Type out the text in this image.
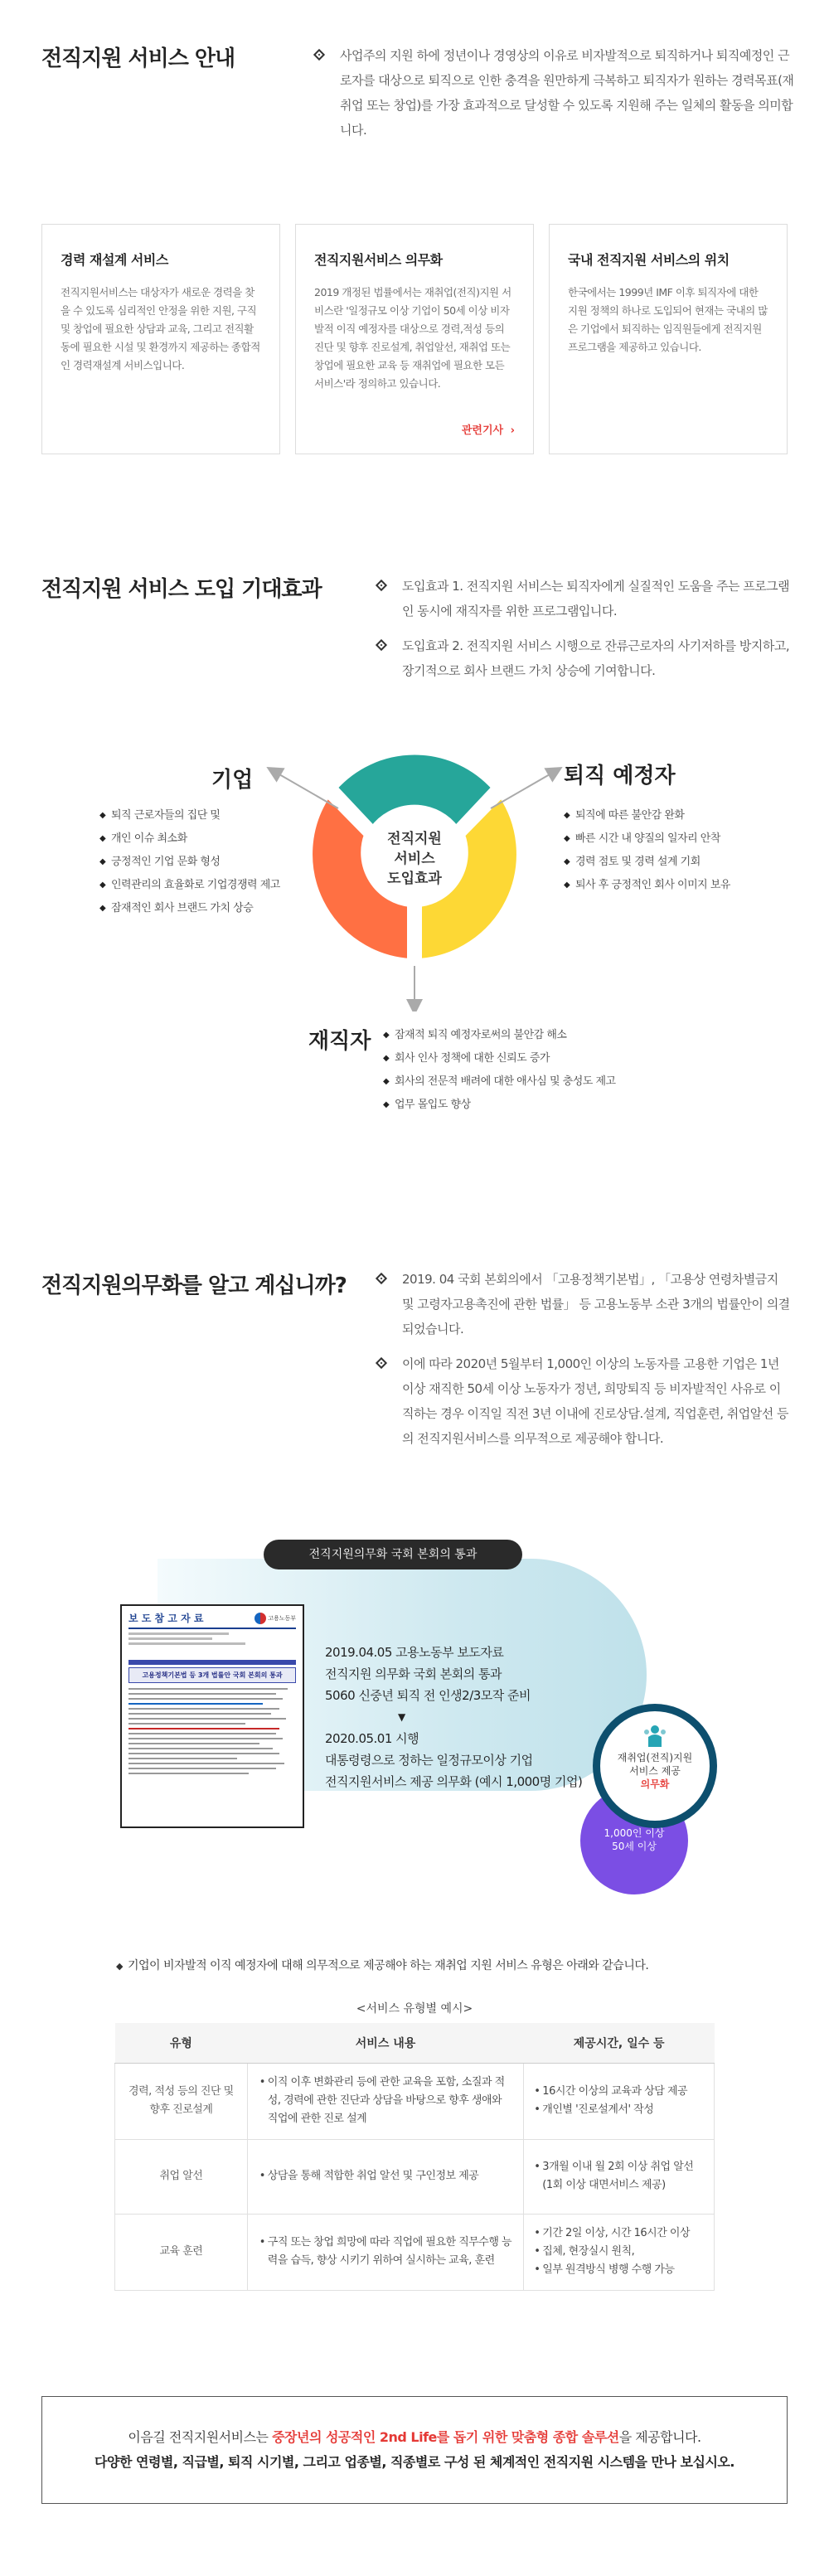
전직지원 서비스 안내	사업주의 지원 하에 정년이나 경영상의 이유로 비자발적으로 퇴직하거나 퇴직예정인 근로자를 대상으로 퇴직으로 인한 충격을 원만하게 극복하고 퇴직자가 원하는 경력목표(재취업 또는 창업)를 가장 효과적으로 달성할 수 있도록 지원해 주는 일체의 활동을 의미합니다.
경력 재설계 서비스

전직지원서비스는 대상자가 새로운 경력을 찾을 수 있도록 심리적인 안정을 위한 지원, 구직 및 창업에 필요한 상담과 교육, 그리고 전직활동에 필요한 시설 및 환경까지 제공하는 종합적인 경력재설계 서비스입니다.

전직지원서비스 의무화

2019 개정된 법률에서는 재취업(전직)지원 서비스란 '일정규모 이상 기업이 50세 이상 비자발적 이직 예정자를 대상으로 경력,적성 등의 진단 및 향후 진로설계, 취업알선, 재취업 또는 창업에 필요한 교육 등 재취업에 필요한 모든 서비스'라 정의하고 있습니다.

관련기사 ›
국내 전직지원 서비스의 위치

한국에서는 1999년 IMF 이후 퇴직자에 대한 지원 정책의 하나로 도입되어 현재는 국내의 많은 기업에서 퇴직하는 임직원들에게 전직지원 프로그램을 제공하고 있습니다.

전직지원 서비스 도입 기대효과	도입효과 1. 전직지원 서비스는 퇴직자에게 실질적인 도움을 주는 프로그램인 동시에 재직자를 위한 프로그램입니다.
도입효과 2. 전직지원 서비스 시행으로 잔류근로자의 사기저하를 방지하고, 장기적으로 회사 브랜드 가치 상승에 기여합니다.
전직지원
서비스
도입효과
기업
◆ 퇴직 근로자들의 집단 및
◆ 개인 이슈 최소화
◆ 긍정적인 기업 문화 형성
◆ 인력관리의 효율화로 기업경쟁력 제고
◆ 잠재적인 회사 브랜드 가치 상승
퇴직 예정자
◆ 퇴직에 따른 불안감 완화
◆ 빠른 시간 내 양질의 일자리 안착
◆ 경력 점토 및 경력 설계 기회
◆ 퇴사 후 긍정적인 회사 이미지 보유
재직자	◆ 잠재적 퇴직 예정자로써의 불안감 해소
◆ 회사 인사 정책에 대한 신뢰도 증가
◆ 회사의 전문적 배려에 대한 애사심 및 충성도 제고
◆ 업무 몰입도 향상
전직지원의무화를 알고 계십니까?	2019. 04 국회 본회의에서 「고용정책기본법」, 「고용상 연령차별금지 및 고령자고용촉진에 관한 법률」 등 고용노동부 소관 3개의 법률안이 의결되었습니다.
이에 따라 2020년 5월부터 1,000인 이상의 노동자를 고용한 기업은 1년 이상 재직한 50세 이상 노동자가 정년, 희망퇴직 등 비자발적인 사유로 이직하는 경우 이직일 직전 3년 이내에 진로상담.설계, 직업훈련, 취업알선 등의 전직지원서비스를 의무적으로 제공해야 합니다.
전직지원의무화 국회 본회의 통과
보 도 참 고 자 료	고용노동부
고용정책기본법 등 3개 법률안 국회 본회의 통과
2019.04.05 고용노동부 보도자료
전직지원 의무화 국회 본회의 통과
5060 신중년 퇴직 전 인생2/3모작 준비
▼
2020.05.01 시행
대통령령으로 정하는 일정규모이상 기업
전직지원서비스 제공 의무화 (예시 1,000명 기업)
1,000인 이상
50세 이상
재취업(전직)지원
서비스 제공
의무화
◆ 기업이 비자발적 이직 예정자에 대해 의무적으로 제공해야 하는 재취업 지원 서비스 유형은 아래와 같습니다.
<서비스 유형별 예시>
유형	서비스 내용	제공시간, 일수 등
경력, 적성 등의 진단 및 향후 진로설계	• 이직 이후 변화관리 등에 관한 교육을 포함, 소질과 적성, 경력에 관한 진단과 상담을 바탕으로 향후 생애와 직업에 관한 진로 설계	• 16시간 이상의 교육과 상담 제공
• 개인별 '진로설계서' 작성

취업 알선	• 상담을 통해 적합한 취업 알선 및 구인정보 제공	• 3개월 이내 월 2회 이상 취업 알선 (1회 이상 대면서비스 제공)

교육 훈련	• 구직 또는 창업 희망에 따라 직업에 필요한 직무수행 능력을 습득, 향상 시키기 위하여 실시하는 교육, 훈련	• 기간 2일 이상, 시간 16시간 이상
• 집체, 현장실시 원칙,
• 일부 원격방식 병행 수행 가능
이음길 전직지원서비스는 중장년의 성공적인 2nd Life를 돕기 위한 맞춤형 종합 솔루션을 제공합니다.
다양한 연령별, 직급별, 퇴직 시기별, 그리고 업종별, 직종별로 구성 된 체계적인 전직지원 시스템을 만나 보십시오.
